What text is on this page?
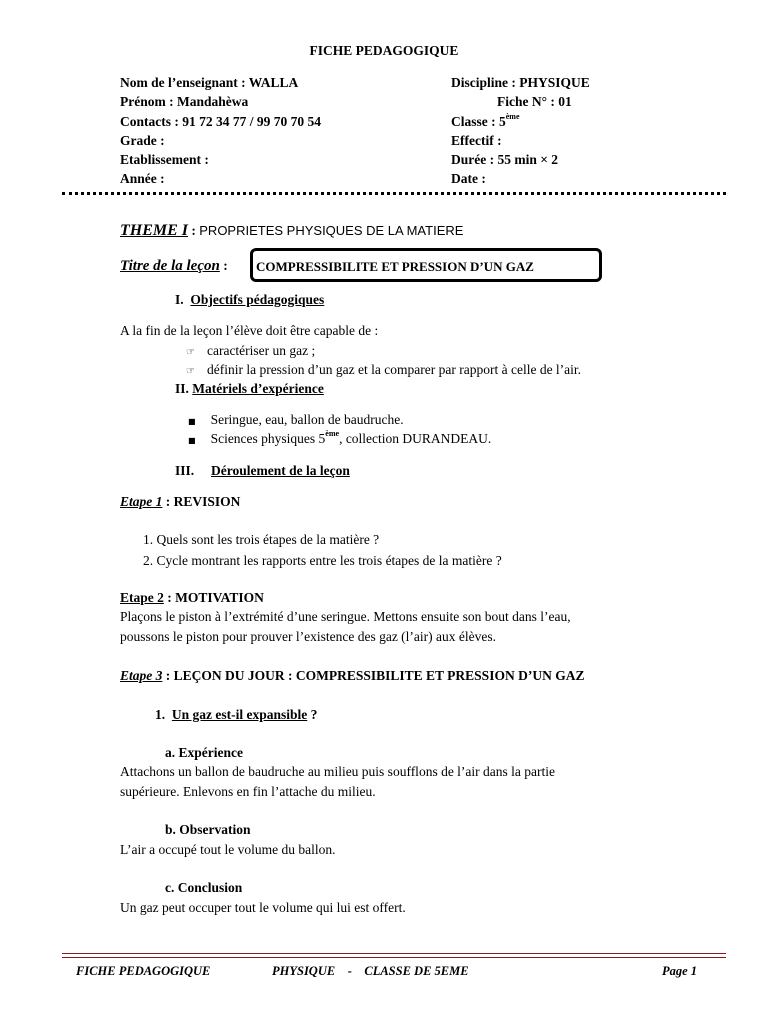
FICHE PEDAGOGIQUE
Nom de l’enseignant : WALLA
Prénom : Mandahèwa
Contacts : 91 72 34 77 / 99 70 70 54
Grade :
Etablissement :
Année :
Discipline : PHYSIQUE
Fiche N° : 01
Classe : 5ème
Effectif :
Durée : 55 min × 2
Date :
THEME I : PROPRIETES PHYSIQUES DE LA MATIERE
Titre de la leçon : COMPRESSIBILITE ET PRESSION D’UN GAZ
I. Objectifs pédagogiques
A la fin de la leçon l’élève doit être capable de :
☞ caractériser un gaz ;
☞ définir la pression d’un gaz et la comparer par rapport à celle de l’air.
II. Matériels d’expérience
■ Seringue, eau, ballon de baudruche.
■ Sciences physiques 5ème, collection DURANDEAU.
III. Déroulement de la leçon
Etape 1 : REVISION
1. Quels sont les trois étapes de la matière ?
2. Cycle montrant les rapports entre les trois étapes de la matière ?
Etape 2 : MOTIVATION
Plaçons le piston à l’extrémité d’une seringue. Mettons ensuite son bout dans l’eau,
poussons le piston pour prouver l’existence des gaz (l’air) aux élèves.
Etape 3 : LEÇON DU JOUR : COMPRESSIBILITE ET PRESSION D’UN GAZ
1. Un gaz est-il expansible ?
a. Expérience
Attachons un ballon de baudruche au milieu puis soufflons de l’air dans la partie
supérieure. Enlevons en fin l’attache du milieu.
b. Observation
L’air a occupé tout le volume du ballon.
c. Conclusion
Un gaz peut occuper tout le volume qui lui est offert.
FICHE PEDAGOGIQUE	PHYSIQUE    -    CLASSE DE 5EME	Page 1
